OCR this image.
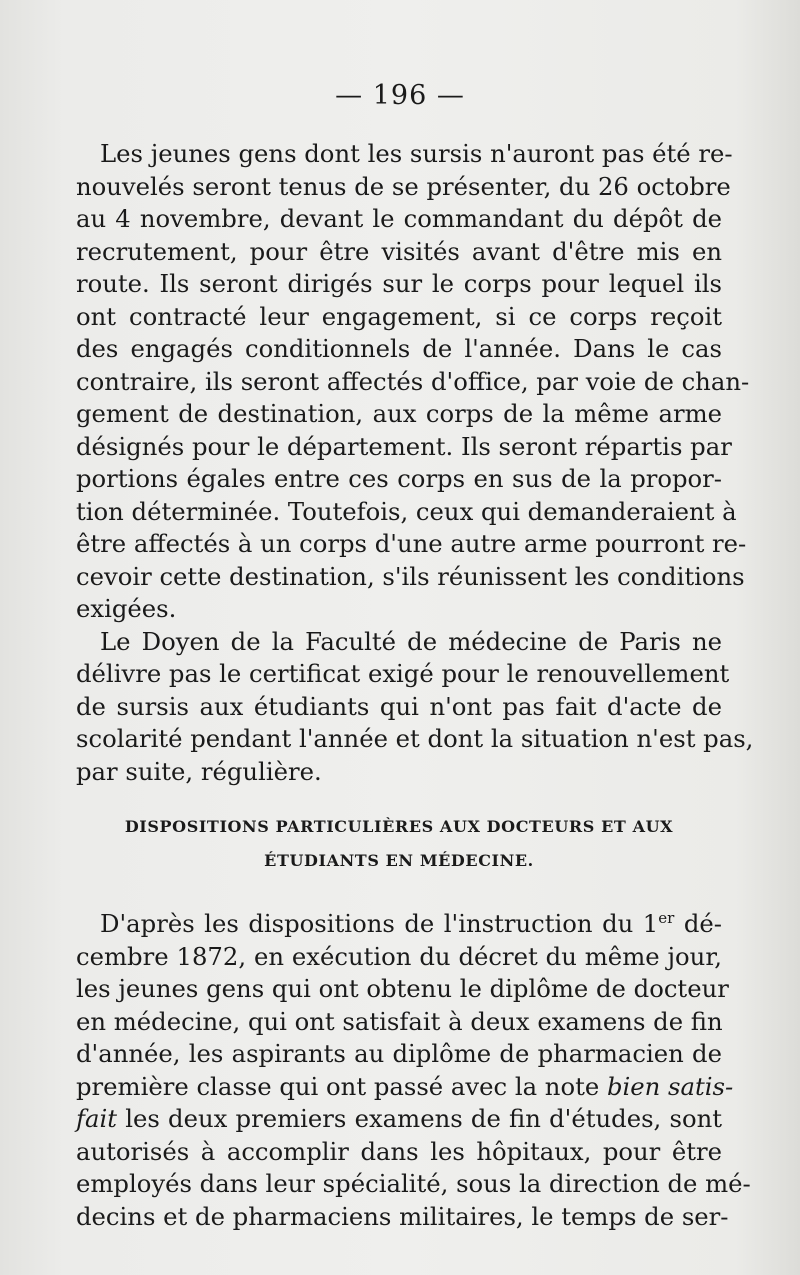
— 196 —
Les jeunes gens dont les sursis n'auront pas été re-
nouvelés seront tenus de se présenter, du 26 octobre
au 4 novembre, devant le commandant du dépôt de
recrutement, pour être visités avant d'être mis en
route. Ils seront dirigés sur le corps pour lequel ils
ont contracté leur engagement, si ce corps reçoit
des engagés conditionnels de l'année. Dans le cas
contraire, ils seront affectés d'office, par voie de chan-
gement de destination, aux corps de la même arme
désignés pour le département. Ils seront répartis par
portions égales entre ces corps en sus de la propor-
tion déterminée. Toutefois, ceux qui demanderaient à
être affectés à un corps d'une autre arme pourront re-
cevoir cette destination, s'ils réunissent les conditions
exigées.
Le Doyen de la Faculté de médecine de Paris ne
délivre pas le certificat exigé pour le renouvellement
de sursis aux étudiants qui n'ont pas fait d'acte de
scolarité pendant l'année et dont la situation n'est pas,
par suite, régulière.
DISPOSITIONS PARTICULIÈRES AUX DOCTEURS ET AUX
ÉTUDIANTS EN MÉDECINE.
D'après les dispositions de l'instruction du 1er dé-
cembre 1872, en exécution du décret du même jour,
les jeunes gens qui ont obtenu le diplôme de docteur
en médecine, qui ont satisfait à deux examens de fin
d'année, les aspirants au diplôme de pharmacien de
première classe qui ont passé avec la note bien satis-
fait les deux premiers examens de fin d'études, sont
autorisés à accomplir dans les hôpitaux, pour être
employés dans leur spécialité, sous la direction de mé-
decins et de pharmaciens militaires, le temps de ser-
